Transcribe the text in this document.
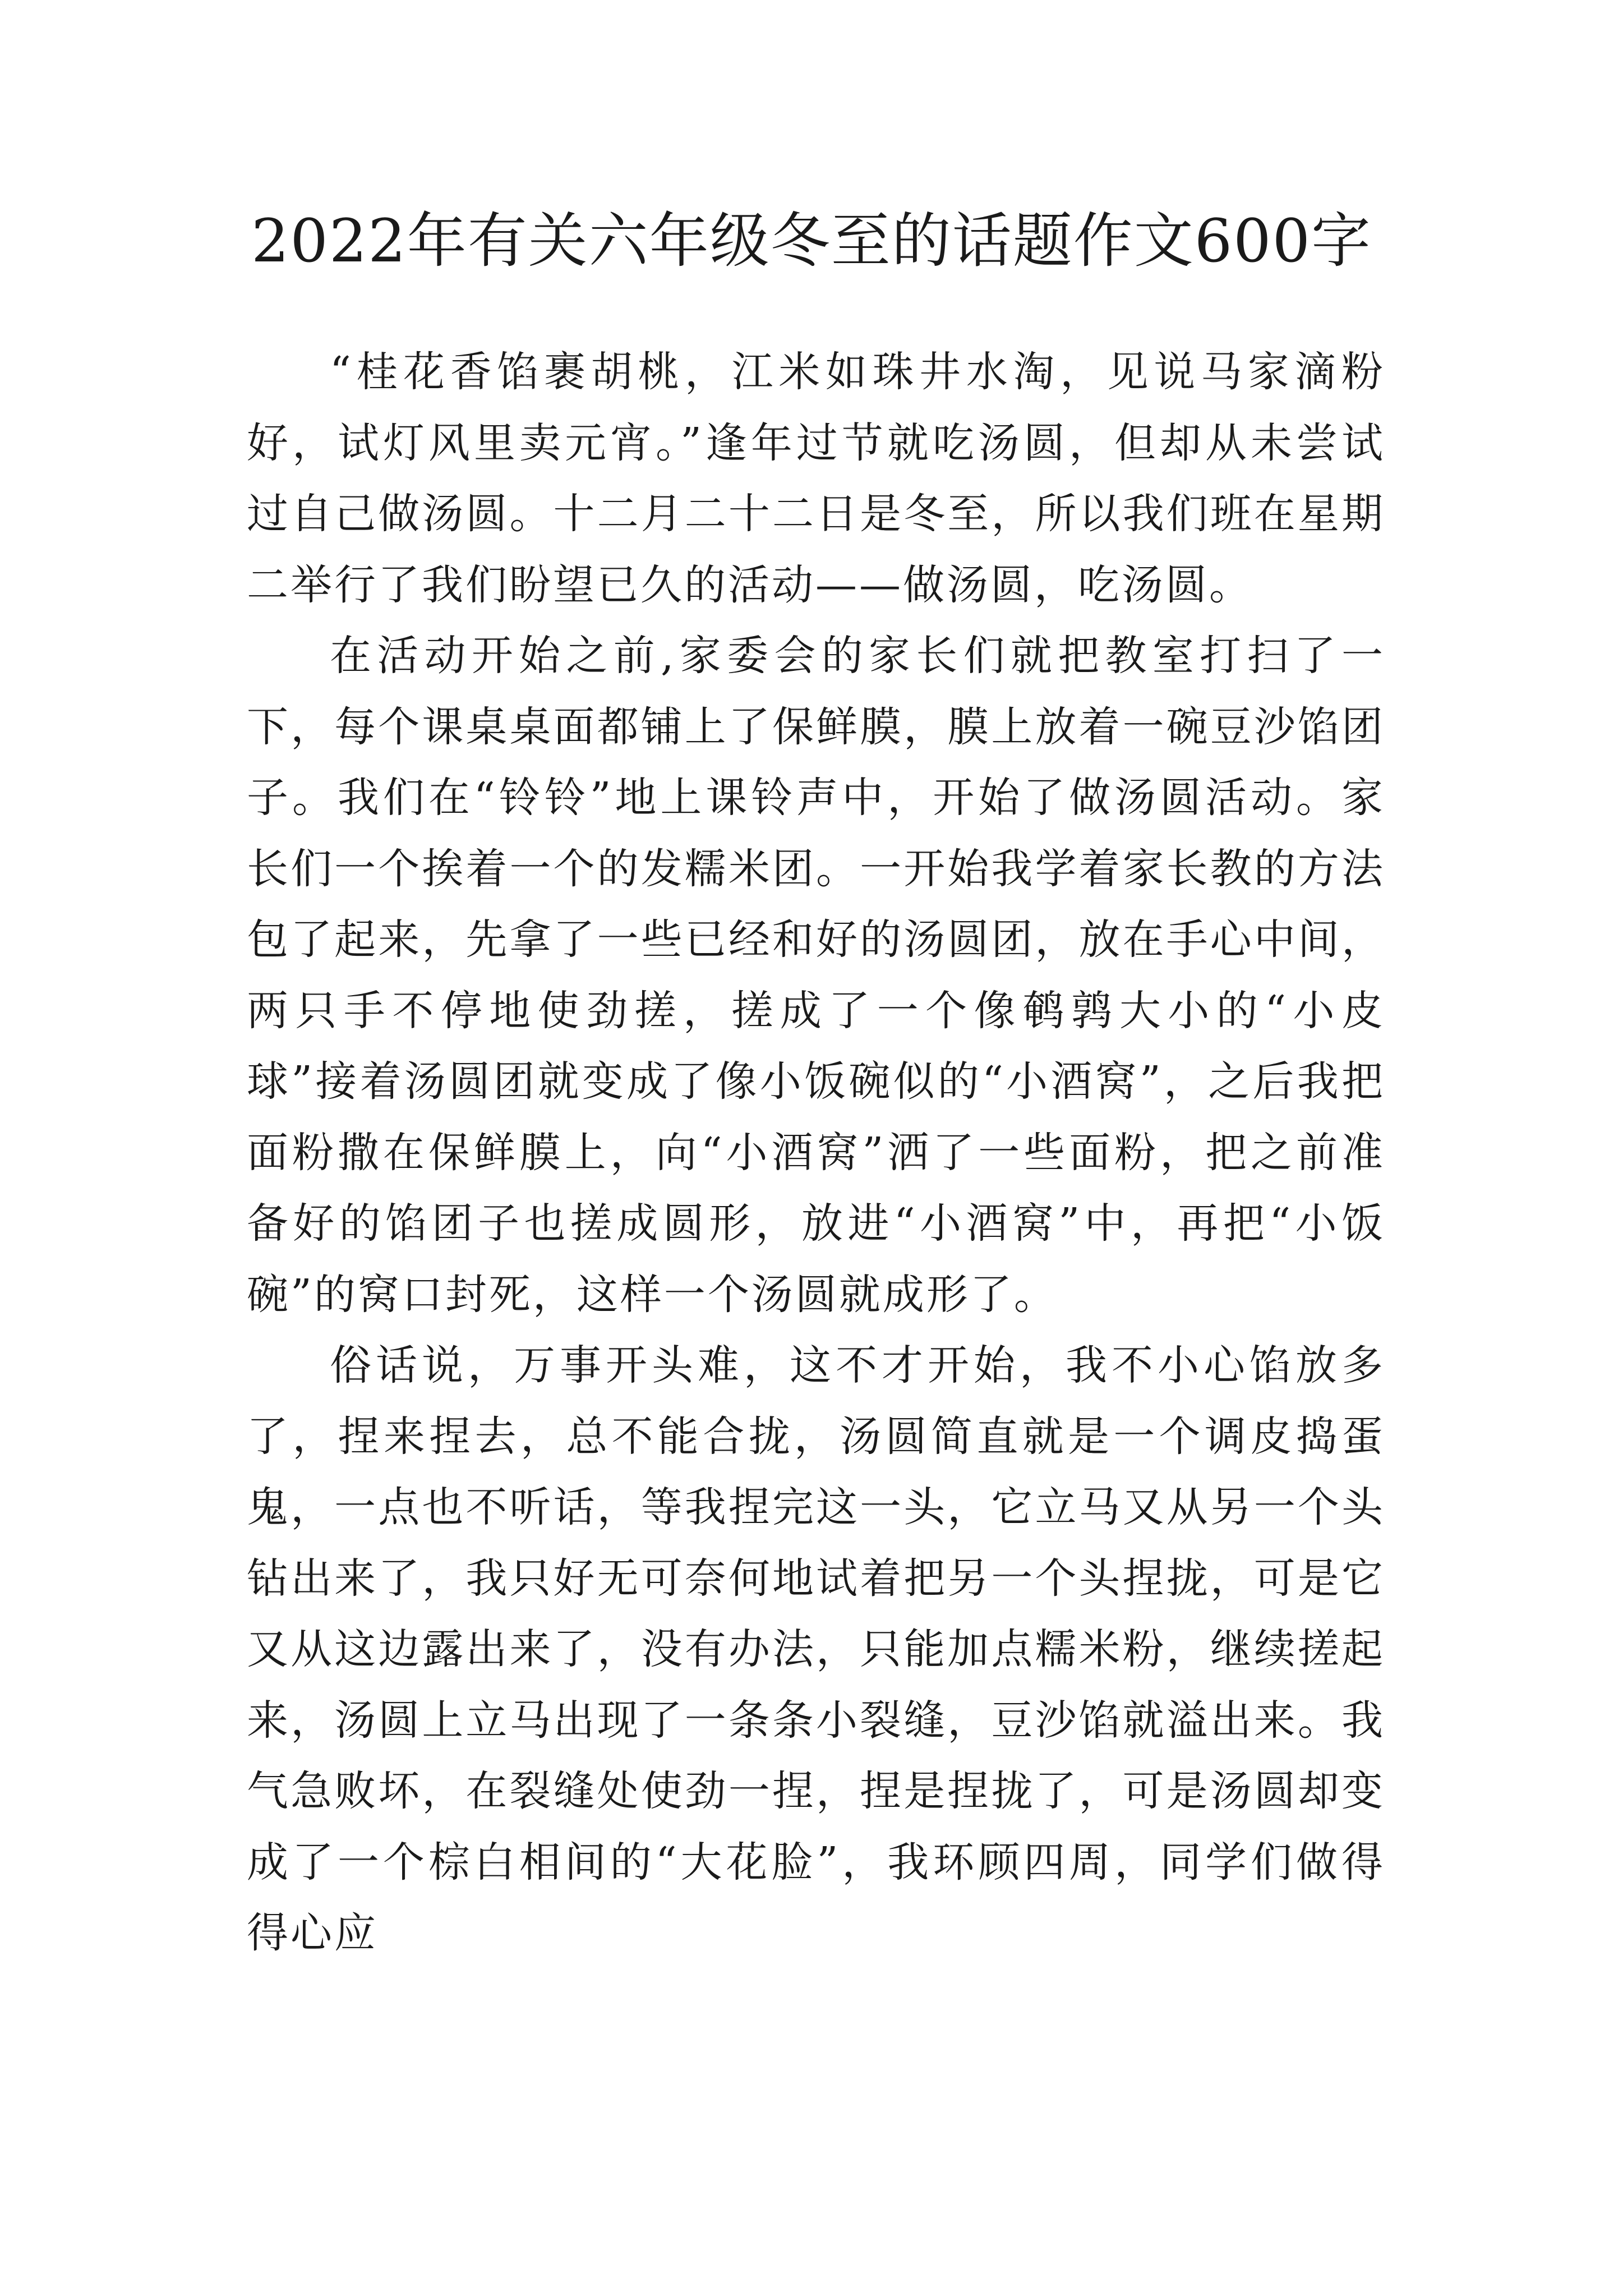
2022年有关六年级冬至的话题作文600字

“桂花香馅裹胡桃，江米如珠井水淘，见说马家滴粉好，试灯风里卖元宵。”逢年过节就吃汤圆，但却从未尝试过自己做汤圆。十二月二十二日是冬至，所以我们班在星期二举行了我们盼望已久的活动——做汤圆，吃汤圆。

在活动开始之前,家委会的家长们就把教室打扫了一下，每个课桌桌面都铺上了保鲜膜，膜上放着一碗豆沙馅团子。我们在“铃铃”地上课铃声中，开始了做汤圆活动。家长们一个挨着一个的发糯米团。一开始我学着家长教的方法包了起来，先拿了一些已经和好的汤圆团，放在手心中间，两只手不停地使劲搓，搓成了一个像鹌鹑大小的“小皮球”接着汤圆团就变成了像小饭碗似的“小酒窝”，之后我把面粉撒在保鲜膜上，向“小酒窝”洒了一些面粉，把之前准备好的馅团子也搓成圆形，放进“小酒窝”中，再把“小饭碗”的窝口封死，这样一个汤圆就成形了。

俗话说，万事开头难，这不才开始，我不小心馅放多了，捏来捏去，总不能合拢，汤圆简直就是一个调皮捣蛋鬼，一点也不听话，等我捏完这一头，它立马又从另一个头钻出来了，我只好无可奈何地试着把另一个头捏拢，可是它又从这边露出来了，没有办法，只能加点糯米粉，继续搓起来，汤圆上立马出现了一条条小裂缝，豆沙馅就溢出来。我气急败坏，在裂缝处使劲一捏，捏是捏拢了，可是汤圆却变成了一个棕白相间的“大花脸”，我环顾四周，同学们做得得心应
